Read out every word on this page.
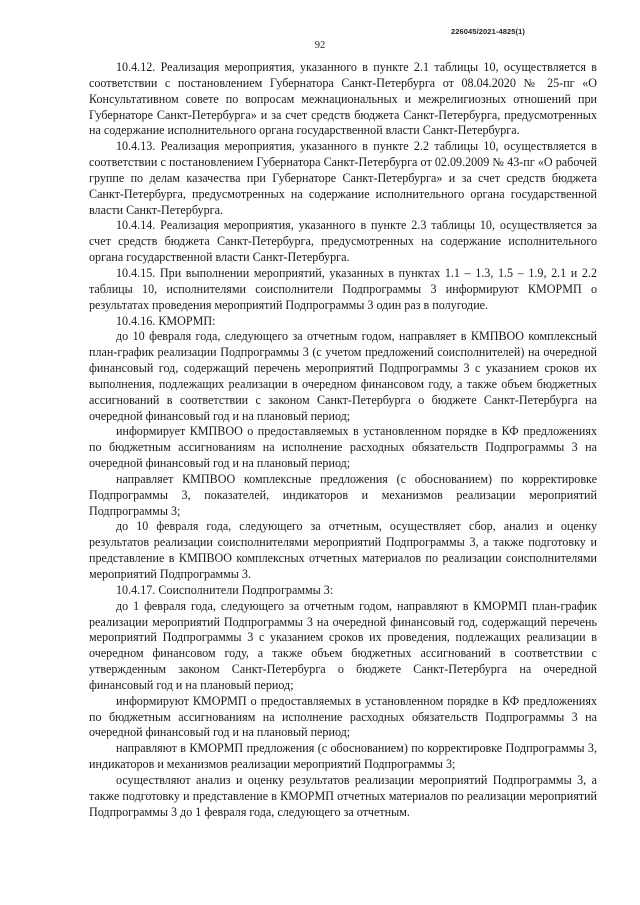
226045/2021-4825(1)
92

10.4.12. Реализация мероприятия, указанного в пункте 2.1 таблицы 10, осуществляется в соответствии с постановлением Губернатора Санкт-Петербурга от 08.04.2020 № 25-пг «О Консультативном совете по вопросам межнациональных и межрелигиозных отношений при Губернаторе Санкт-Петербурга» и за счет средств бюджета Санкт-Петербурга, предусмотренных на содержание исполнительного органа государственной власти Санкт-Петербурга.

10.4.13. Реализация мероприятия, указанного в пункте 2.2 таблицы 10, осуществляется в соответствии с постановлением Губернатора Санкт-Петербурга от 02.09.2009 № 43-пг «О рабочей группе по делам казачества при Губернаторе Санкт-Петербурга» и за счет средств бюджета Санкт-Петербурга, предусмотренных на содержание исполнительного органа государственной власти Санкт-Петербурга.

10.4.14. Реализация мероприятия, указанного в пункте 2.3 таблицы 10, осуществляется за счет средств бюджета Санкт-Петербурга, предусмотренных на содержание исполнительного органа государственной власти Санкт-Петербурга.

10.4.15. При выполнении мероприятий, указанных в пунктах 1.1 – 1.3, 1.5 – 1.9, 2.1 и 2.2 таблицы 10, исполнителями соисполнители Подпрограммы 3 информируют КМОРМП о результатах проведения мероприятий Подпрограммы 3 один раз в полугодие.

10.4.16. КМОРМП:

до 10 февраля года, следующего за отчетным годом, направляет в КМПВОО комплексный план-график реализации Подпрограммы 3 (с учетом предложений соисполнителей) на очередной финансовый год, содержащий перечень мероприятий Подпрограммы 3 с указанием сроков их выполнения, подлежащих реализации в очередном финансовом году, а также объем бюджетных ассигнований в соответствии с законом Санкт-Петербурга о бюджете Санкт-Петербурга на очередной финансовый год и на плановый период;

информирует КМПВОО о предоставляемых в установленном порядке в КФ предложениях по бюджетным ассигнованиям на исполнение расходных обязательств Подпрограммы 3 на очередной финансовый год и на плановый период;

направляет КМПВОО комплексные предложения (с обоснованием) по корректировке Подпрограммы 3, показателей, индикаторов и механизмов реализации мероприятий Подпрограммы 3;

до 10 февраля года, следующего за отчетным, осуществляет сбор, анализ и оценку результатов реализации соисполнителями мероприятий Подпрограммы 3, а также подготовку и представление в КМПВОО комплексных отчетных материалов по реализации соисполнителями мероприятий Подпрограммы 3.

10.4.17. Соисполнители Подпрограммы 3:

до 1 февраля года, следующего за отчетным годом, направляют в КМОРМП план-график реализации мероприятий Подпрограммы 3 на очередной финансовый год, содержащий перечень мероприятий Подпрограммы 3 с указанием сроков их проведения, подлежащих реализации в очередном финансовом году, а также объем бюджетных ассигнований в соответствии с утвержденным законом Санкт-Петербурга о бюджете Санкт-Петербурга на очередной финансовый год и на плановый период;

информируют КМОРМП о предоставляемых в установленном порядке в КФ предложениях по бюджетным ассигнованиям на исполнение расходных обязательств Подпрограммы 3 на очередной финансовый год и на плановый период;

направляют в КМОРМП предложения (с обоснованием) по корректировке Подпрограммы 3, индикаторов и механизмов реализации мероприятий Подпрограммы 3;

осуществляют анализ и оценку результатов реализации мероприятий Подпрограммы 3, а также подготовку и представление в КМОРМП отчетных материалов по реализации мероприятий Подпрограммы 3 до 1 февраля года, следующего за отчетным.
